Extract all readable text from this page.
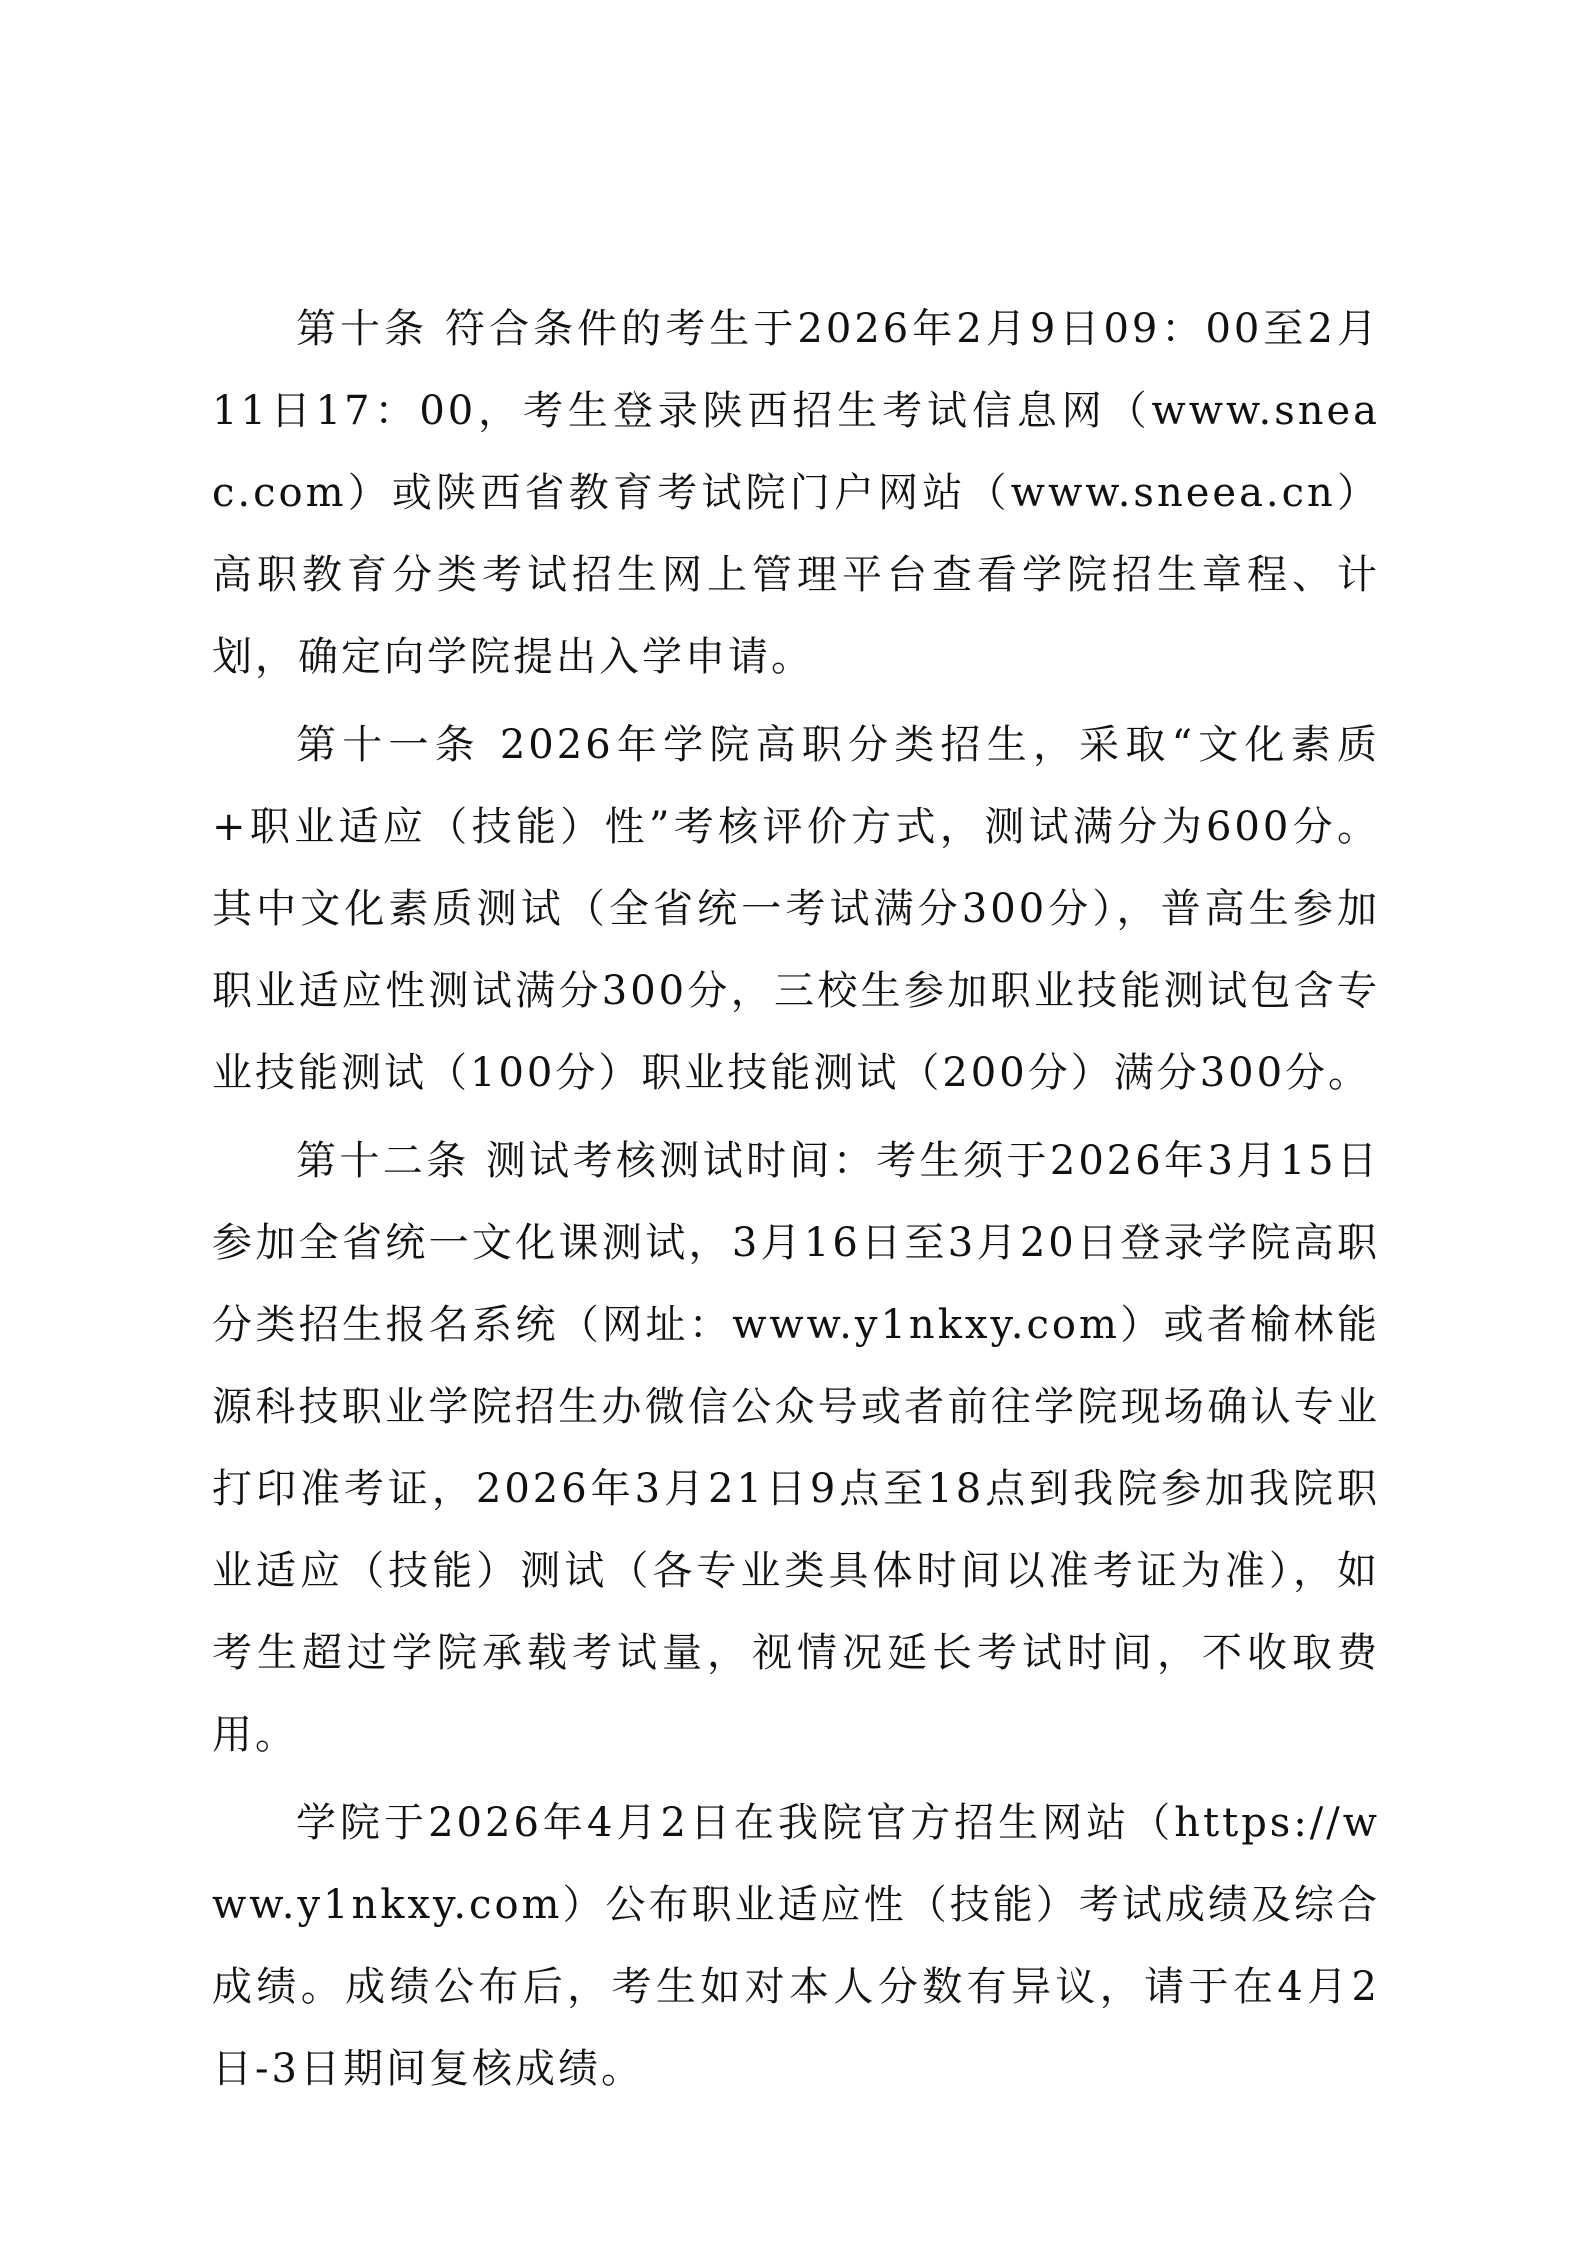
第十条 符合条件的考生于2026年2月9日09：00至2月11日17：00，考生登录陕西招生考试信息网（www.sneac.com）或陕西省教育考试院门户网站（www.sneea.cn）高职教育分类考试招生网上管理平台查看学院招生章程、计划，确定向学院提出入学申请。

第十一条 2026年学院高职分类招生，采取“文化素质+职业适应（技能）性”考核评价方式，测试满分为600分。其中文化素质测试（全省统一考试满分300分），普高生参加职业适应性测试满分300分，三校生参加职业技能测试包含专业技能测试（100分）职业技能测试（200分）满分300分。

第十二条 测试考核测试时间：考生须于2026年3月15日参加全省统一文化课测试，3月16日至3月20日登录学院高职分类招生报名系统（网址：www.y1nkxy.com）或者榆林能源科技职业学院招生办微信公众号或者前往学院现场确认专业打印准考证，2026年3月21日9点至18点到我院参加我院职业适应（技能）测试（各专业类具体时间以准考证为准），如考生超过学院承载考试量，视情况延长考试时间，不收取费用。

学院于2026年4月2日在我院官方招生网站（https://www.y1nkxy.com）公布职业适应性（技能）考试成绩及综合成绩。成绩公布后，考生如对本人分数有异议，请于在4月2日-3日期间复核成绩。
